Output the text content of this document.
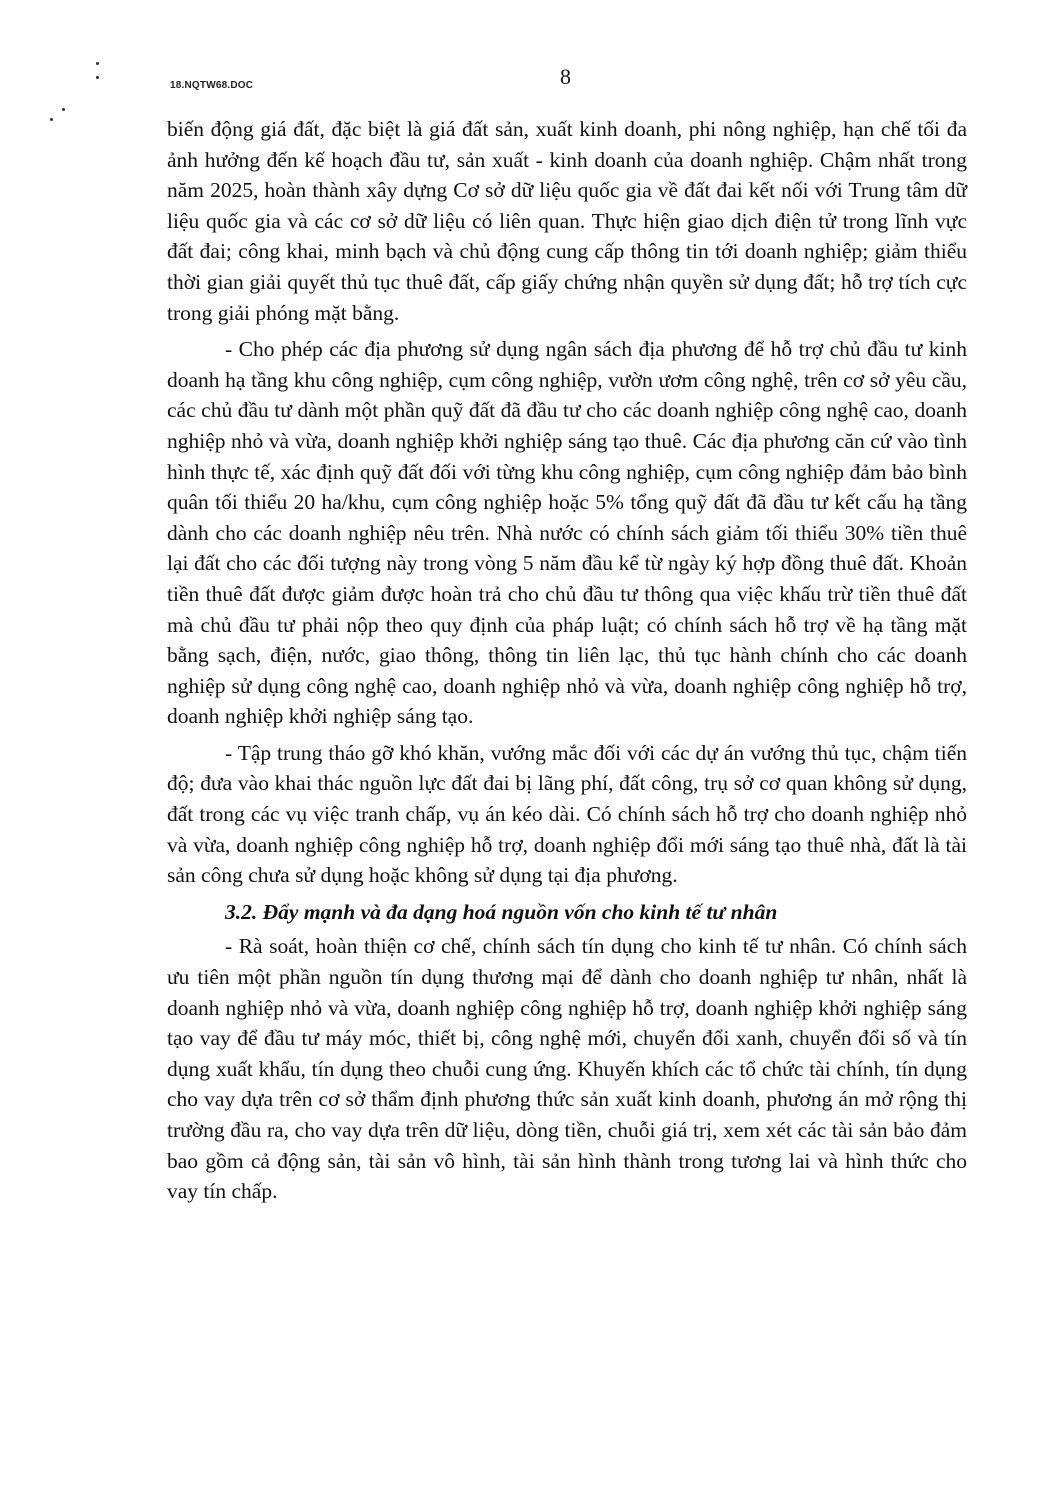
18.NQTW68.DOC	8

biến động giá đất, đặc biệt là giá đất sản, xuất kinh doanh, phi nông nghiệp, hạn chế tối đa ảnh hưởng đến kế hoạch đầu tư, sản xuất - kinh doanh của doanh nghiệp. Chậm nhất trong năm 2025, hoàn thành xây dựng Cơ sở dữ liệu quốc gia về đất đai kết nối với Trung tâm dữ liệu quốc gia và các cơ sở dữ liệu có liên quan. Thực hiện giao dịch điện tử trong lĩnh vực đất đai; công khai, minh bạch và chủ động cung cấp thông tin tới doanh nghiệp; giảm thiểu thời gian giải quyết thủ tục thuê đất, cấp giấy chứng nhận quyền sử dụng đất; hỗ trợ tích cực trong giải phóng mặt bằng.

- Cho phép các địa phương sử dụng ngân sách địa phương để hỗ trợ chủ đầu tư kinh doanh hạ tầng khu công nghiệp, cụm công nghiệp, vườn ươm công nghệ, trên cơ sở yêu cầu, các chủ đầu tư dành một phần quỹ đất đã đầu tư cho các doanh nghiệp công nghệ cao, doanh nghiệp nhỏ và vừa, doanh nghiệp khởi nghiệp sáng tạo thuê. Các địa phương căn cứ vào tình hình thực tế, xác định quỹ đất đối với từng khu công nghiệp, cụm công nghiệp đảm bảo bình quân tối thiểu 20 ha/khu, cụm công nghiệp hoặc 5% tổng quỹ đất đã đầu tư kết cấu hạ tầng dành cho các doanh nghiệp nêu trên. Nhà nước có chính sách giảm tối thiểu 30% tiền thuê lại đất cho các đối tượng này trong vòng 5 năm đầu kể từ ngày ký hợp đồng thuê đất. Khoản tiền thuê đất được giảm được hoàn trả cho chủ đầu tư thông qua việc khấu trừ tiền thuê đất mà chủ đầu tư phải nộp theo quy định của pháp luật; có chính sách hỗ trợ về hạ tầng mặt bằng sạch, điện, nước, giao thông, thông tin liên lạc, thủ tục hành chính cho các doanh nghiệp sử dụng công nghệ cao, doanh nghiệp nhỏ và vừa, doanh nghiệp công nghiệp hỗ trợ, doanh nghiệp khởi nghiệp sáng tạo.

- Tập trung tháo gỡ khó khăn, vướng mắc đối với các dự án vướng thủ tục, chậm tiến độ; đưa vào khai thác nguồn lực đất đai bị lãng phí, đất công, trụ sở cơ quan không sử dụng, đất trong các vụ việc tranh chấp, vụ án kéo dài. Có chính sách hỗ trợ cho doanh nghiệp nhỏ và vừa, doanh nghiệp công nghiệp hỗ trợ, doanh nghiệp đổi mới sáng tạo thuê nhà, đất là tài sản công chưa sử dụng hoặc không sử dụng tại địa phương.

3.2. Đẩy mạnh và đa dạng hoá nguồn vốn cho kinh tế tư nhân

- Rà soát, hoàn thiện cơ chế, chính sách tín dụng cho kinh tế tư nhân. Có chính sách ưu tiên một phần nguồn tín dụng thương mại để dành cho doanh nghiệp tư nhân, nhất là doanh nghiệp nhỏ và vừa, doanh nghiệp công nghiệp hỗ trợ, doanh nghiệp khởi nghiệp sáng tạo vay để đầu tư máy móc, thiết bị, công nghệ mới, chuyển đổi xanh, chuyển đổi số và tín dụng xuất khẩu, tín dụng theo chuỗi cung ứng. Khuyến khích các tổ chức tài chính, tín dụng cho vay dựa trên cơ sở thẩm định phương thức sản xuất kinh doanh, phương án mở rộng thị trường đầu ra, cho vay dựa trên dữ liệu, dòng tiền, chuỗi giá trị, xem xét các tài sản bảo đảm bao gồm cả động sản, tài sản vô hình, tài sản hình thành trong tương lai và hình thức cho vay tín chấp.
